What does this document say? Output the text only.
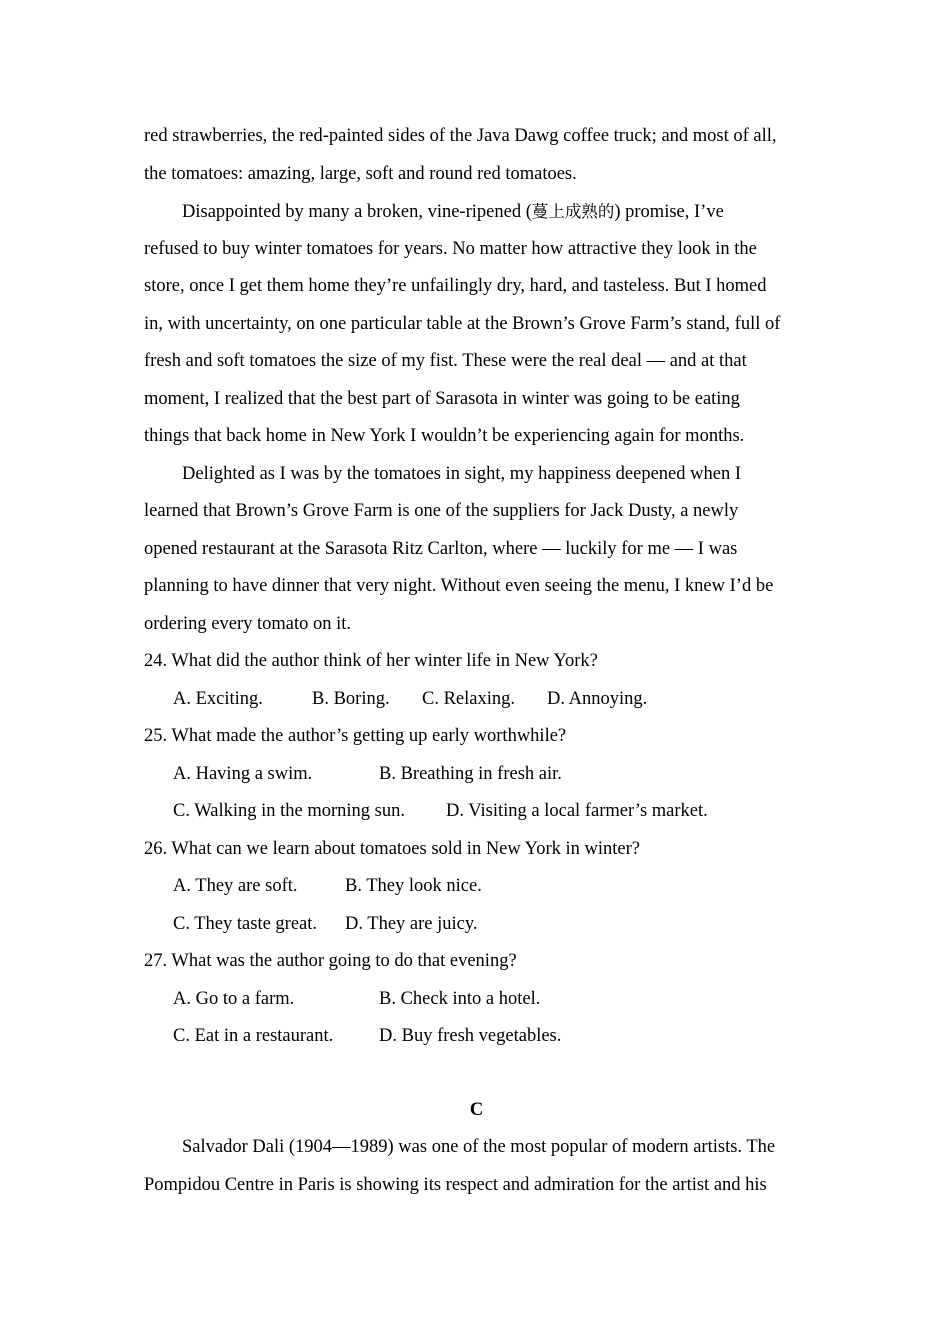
red strawberries, the red-painted sides of the Java Dawg coffee truck; and most of all,
the tomatoes: amazing, large, soft and round red tomatoes.
Disappointed by many a broken, vine-ripened (蔓上成熟的) promise, I’ve
refused to buy winter tomatoes for years. No matter how attractive they look in the
store, once I get them home they’re unfailingly dry, hard, and tasteless. But I homed
in, with uncertainty, on one particular table at the Brown’s Grove Farm’s stand, full of
fresh and soft tomatoes the size of my fist. These were the real deal — and at that
moment, I realized that the best part of Sarasota in winter was going to be eating
things that back home in New York I wouldn’t be experiencing again for months.
Delighted as I was by the tomatoes in sight, my happiness deepened when I
learned that Brown’s Grove Farm is one of the suppliers for Jack Dusty, a newly
opened restaurant at the Sarasota Ritz Carlton, where — luckily for me — I was
planning to have dinner that very night. Without even seeing the menu, I knew I’d be
ordering every tomato on it.
24. What did the author think of her winter life in New York?
A. Exciting.	B. Boring. C. Relaxing. D. Annoying.
25. What made the author’s getting up early worthwhile?
A. Having a swim.	B. Breathing in fresh air.
C. Walking in the morning sun. D. Visiting a local farmer’s market.
26. What can we learn about tomatoes sold in New York in winter?
A. They are soft.	B. They look nice.
C. They taste great. D. They are juicy.
27. What was the author going to do that evening?
A. Go to a farm.	B. Check into a hotel.
C. Eat in a restaurant. D. Buy fresh vegetables.
C
Salvador Dali (1904—1989) was one of the most popular of modern artists. The
Pompidou Centre in Paris is showing its respect and admiration for the artist and his
